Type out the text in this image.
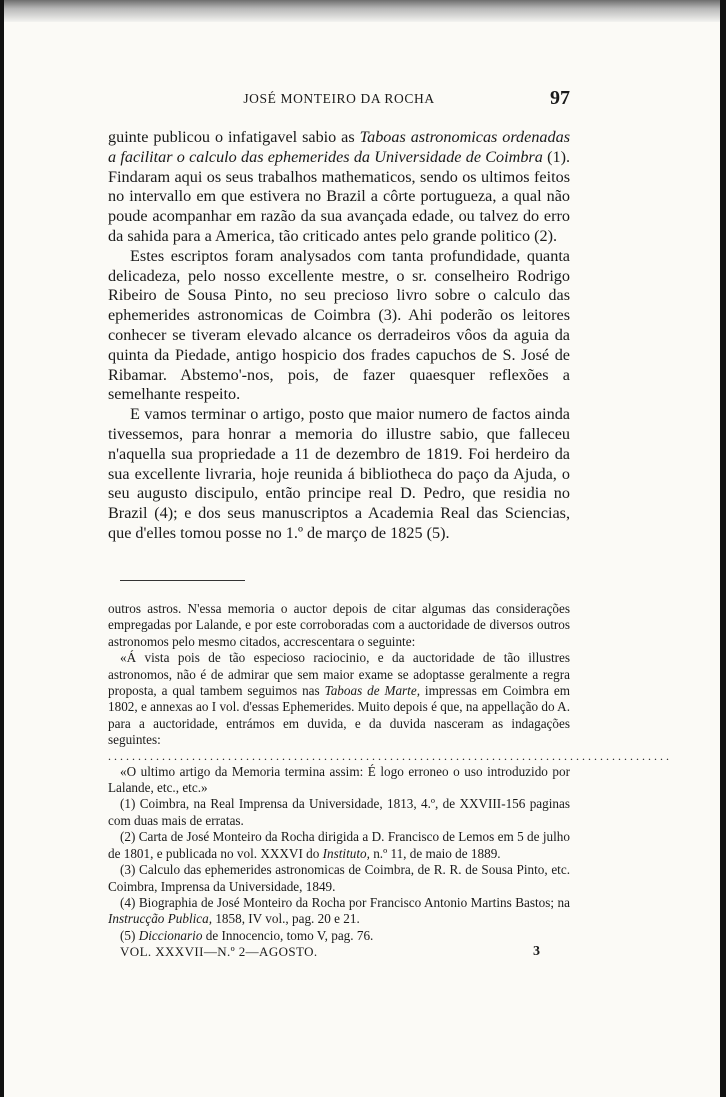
JOSÉ MONTEIRO DA ROCHA	97

guinte publicou o infatigavel sabio as Taboas astronomicas ordenadas a facilitar o calculo das ephemerides da Universidade de Coimbra (1). Findaram aqui os seus trabalhos mathematicos, sendo os ultimos feitos no intervallo em que estivera no Brazil a côrte portugueza, a qual não poude acompanhar em razão da sua avançada edade, ou talvez do erro da sahida para a America, tão criticado antes pelo grande politico (2).

Estes escriptos foram analysados com tanta profundidade, quanta delicadeza, pelo nosso excellente mestre, o sr. conselheiro Rodrigo Ribeiro de Sousa Pinto, no seu precioso livro sobre o calculo das ephemerides astronomicas de Coimbra (3). Ahi poderão os leitores conhecer se tiveram elevado alcance os derradeiros vôos da aguia da quinta da Piedade, antigo hospicio dos frades capuchos de S. José de Ribamar. Abstemo'-nos, pois, de fazer quaesquer reflexões a semelhante respeito.

E vamos terminar o artigo, posto que maior numero de factos ainda tivessemos, para honrar a memoria do illustre sabio, que falleceu n'aquella sua propriedade a 11 de dezembro de 1819. Foi herdeiro da sua excellente livraria, hoje reunida á bibliotheca do paço da Ajuda, o seu augusto discipulo, então principe real D. Pedro, que residia no Brazil (4); e dos seus manuscriptos a Academia Real das Sciencias, que d'elles tomou posse no 1.º de março de 1825 (5).

outros astros. N'essa memoria o auctor depois de citar algumas das considerações empregadas por Lalande, e por este corroboradas com a auctoridade de diversos outros astronomos pelo mesmo citados, accrescentara o seguinte:

«Á vista pois de tão especioso raciocinio, e da auctoridade de tão illustres astronomos, não é de admirar que sem maior exame se adoptasse geralmente a regra proposta, a qual tambem seguimos nas Taboas de Marte, impressas em Coimbra em 1802, e annexas ao I vol. d'essas Ephemerides. Muito depois é que, na appellação do A. para a auctoridade, entrámos em duvida, e da duvida nasceram as indagações seguintes:

..............................................................................................

«O ultimo artigo da Memoria termina assim: É logo erroneo o uso introduzido por Lalande, etc., etc.»

(1) Coimbra, na Real Imprensa da Universidade, 1813, 4.º, de XXVIII-156 paginas com duas mais de erratas.

(2) Carta de José Monteiro da Rocha dirigida a D. Francisco de Lemos em 5 de julho de 1801, e publicada no vol. XXXVI do Instituto, n.º 11, de maio de 1889.

(3) Calculo das ephemerides astronomicas de Coimbra, de R. R. de Sousa Pinto, etc. Coimbra, Imprensa da Universidade, 1849.

(4) Biographia de José Monteiro da Rocha por Francisco Antonio Martins Bastos; na Instrucção Publica, 1858, IV vol., pag. 20 e 21.

(5) Diccionario de Innocencio, tomo V, pag. 76.

VOL. XXXVII—N.º 2—AGOSTO.	3
